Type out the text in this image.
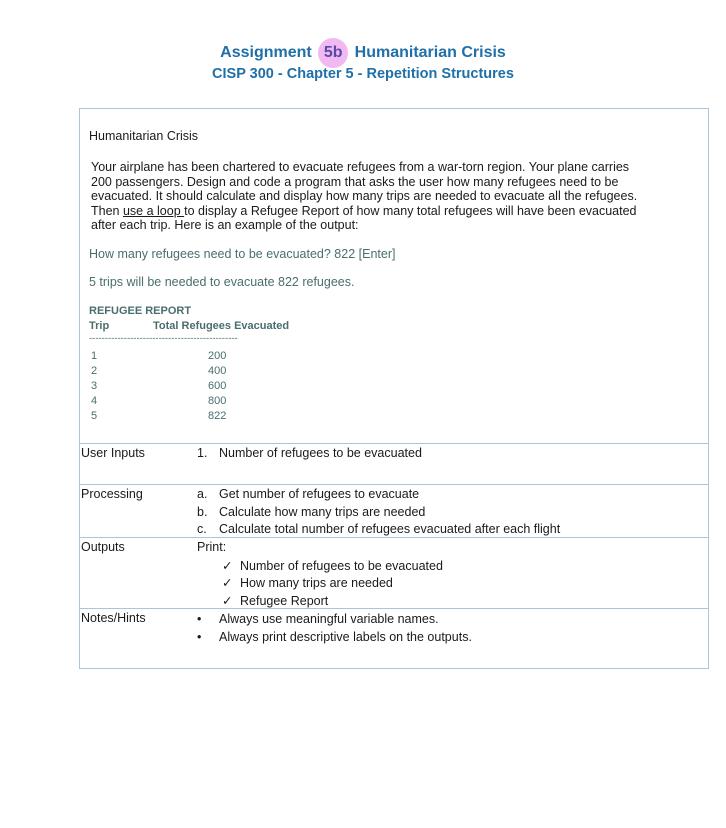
Assignment 5b Humanitarian Crisis
CISP 300 - Chapter 5 - Repetition Structures
Humanitarian Crisis
Your airplane has been chartered to evacuate refugees from a war-torn region. Your plane carries
200 passengers. Design and code a program that asks the user how many refugees need to be
evacuated. It should calculate and display how many trips are needed to evacuate all the refugees.
Then use a loop to display a Refugee Report of how many total refugees will have been evacuated
after each trip. Here is an example of the output:
How many refugees need to be evacuated? 822 [Enter]
5 trips will be needed to evacuate 822 refugees.
REFUGEE REPORT
Trip	Total Refugees Evacuated
-----------------------------------------------
1	200
2	400
3	600
4	800
5	822
User Inputs	1. Number of refugees to be evacuated
Processing	a. Get number of refugees to evacuate
b. Calculate how many trips are needed
c. Calculate total number of refugees evacuated after each flight
Outputs	Print:
✓ Number of refugees to be evacuated
✓ How many trips are needed
✓ Refugee Report
Notes/Hints	• Always use meaningful variable names.
• Always print descriptive labels on the outputs.
